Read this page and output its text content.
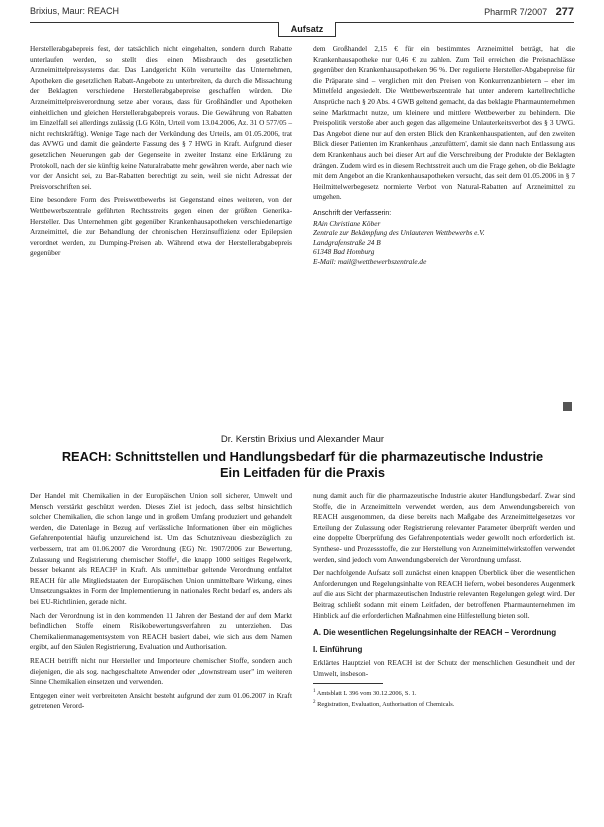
Brixius, Maur: REACH	PharmR 7/2007 277
Aufsatz

Herstellerabgabepreis fest, der tatsächlich nicht eingehalten, sondern durch Rabatte unterlaufen werden, so stellt dies einen Missbrauch des gesetzlichen Arzneimittelpreissystems dar. Das Landgericht Köln verurteilte das Unternehmen, Apotheken die gesetzlichen Rabatt-Angebote zu unterbreiten, da durch die Missachtung der Beklagten verschiedene Herstellerabgabepreise geschaffen würden. Die Arzneimittelpreisverordnung setze aber voraus, dass für Großhändler und Apotheken einheitlichen und gleichen Herstellerabgabepreis voraus. Die Gewährung von Rabatten im Einzelfall sei allerdings zulässig (LG Köln, Urteil vom 13.04.2006, Az. 31 O 577/05 – nicht rechtskräftig). Wenige Tage nach der Verkündung des Urteils, am 01.05.2006, trat das AVWG und damit die geänderte Fassung des § 7 HWG in Kraft. Aufgrund dieser gesetzlichen Neuerungen gab der Gegenseite in zweiter Instanz eine Erklärung zu Protokoll, nach der sie künftig keine Naturalrabatte mehr gewähren werde, aber nach wie vor der Ansicht sei, zu Bar-Rabatten berechtigt zu sein, weil sie nicht Adressat der Preisvorschriften sei.

Eine besondere Form des Preiswettbewerbs ist Gegenstand eines weiteren, von der Wettbewerbszentrale geführten Rechtsstreits gegen einen der größten Generika-Hersteller. Das Unternehmen gibt gegenüber Krankenhausapotheken verschiedenartige Arzneimittel, die zur Behandlung der chronischen Herzinsuffizienz oder Epilepsien verordnet werden, zu Dumping-Preisen ab. Während etwa der Herstellerabgabepreis gegenüber

dem Großhandel 2,15 € für ein bestimmtes Arzneimittel beträgt, hat die Krankenhausapotheke nur 0,46 € zu zahlen. Zum Teil erreichen die Preisnachlässe gegenüber den Krankenhausapotheken 96 %. Der regulierte Hersteller-Abgabepreise für die Präparate sind – verglichen mit den Preisen von Konkurrenzanbietern – eher im Mittelfeld angesiedelt. Die Wettbewerbszentrale hat unter anderem kartellrechtliche Ansprüche nach § 20 Abs. 4 GWB geltend gemacht, da das beklagte Pharmaunternehmen seine Marktmacht nutze, um kleinere und mittlere Wettbewerber zu behindern. Die Preispolitik verstoße aber auch gegen das allgemeine Unlauterkeitsverbot des § 3 UWG. Das Angebot diene nur auf den ersten Blick den Krankenhauspatienten, auf den zweiten Blick dieser Patienten im Krankenhaus ‚anzufüttern', damit sie dann nach Entlassung aus dem Krankenhaus auch bei dieser Art auf die Verschreibung der Produkte der Beklagten drängen. Zudem wird es in diesem Rechtsstreit auch um die Frage gehen, ob die Beklagte mit dem Angebot an die Krankenhausapotheken versucht, das seit dem 01.05.2006 in § 7 Heilmittelwerbegesetz normierte Verbot von Natural-Rabatten auf Arzneimittel zu umgehen.

Anschrift der Verfasserin:
RAin Christiane Köber
Zentrale zur Bekämpfung des Unlauteren Wettbewerbs e.V.
Landgrafenstraße 24 B
61348 Bad Homburg
E-Mail: mail@wettbewerbszentrale.de
Dr. Kerstin Brixius und Alexander Maur
REACH: Schnittstellen und Handlungsbedarf für die pharmazeutische Industrie
Ein Leitfaden für die Praxis

Der Handel mit Chemikalien in der Europäischen Union soll sicherer, Umwelt und Mensch verstärkt geschützt werden. Dieses Ziel ist jedoch, dass selbst hinsichtlich solcher Chemikalien, die schon lange und in großem Umfang produziert und gehandelt werden, die Datenlage in Bezug auf verlässliche Informationen über ein mögliches Gefahrenpotential häufig unzureichend ist. Um das Schutzniveau diesbezüglich zu verbessern, trat am 01.06.2007 die Verordnung (EG) Nr. 1907/2006 zur Bewertung, Zulassung und Registrierung chemischer Stoffe¹, die knapp 1000 seitiges Regelwerk, besser bekannt als REACH² in Kraft. Als unmittelbar geltende Verordnung entfaltet REACH für alle Mitgliedstaaten der Europäischen Union unmittelbare Wirkung, eines Umsetzungsaktes in Form der Implementierung in nationales Recht bedarf es, anders als bei EU-Richtlinien, gerade nicht.

Nach der Verordnung ist in den kommenden 11 Jahren der Bestand der auf dem Markt befindlichen Stoffe einem Risikobewertungsverfahren zu unterziehen. Das Chemikalienmanagementsystem von REACH basiert dabei, wie sich aus dem Namen ergibt, auf den Säulen Registrierung, Evaluation und Authorisation.

REACH betrifft nicht nur Hersteller und Importeure chemischer Stoffe, sondern auch diejenigen, die als sog. nachgeschaltete Anwender oder „downstream user" im weiteren Sinne Chemikalien einsetzen und verwenden.

Entgegen einer weit verbreiteten Ansicht besteht aufgrund der zum 01.06.2007 in Kraft getretenen Verord-

nung damit auch für die pharmazeutische Industrie akuter Handlungsbedarf. Zwar sind Stoffe, die in Arzneimitteln verwendet werden, aus dem Anwendungsbereich von REACH ausgenommen, da diese bereits nach Maßgabe des Arzneimittelgesetzes vor Erteilung der Zulassung oder Registrierung relevanter Parameter überprüft werden und eine doppelte Überprüfung des Gefahrenpotentials weder gewollt noch erforderlich ist. Synthese- und Prozessstoffe, die zur Herstellung von Arzneimittelwirkstoffen verwendet werden, sind jedoch vom Anwendungsbereich der Verordnung umfasst.

Der nachfolgende Aufsatz soll zunächst einen knappen Überblick über die wesentlichen Anforderungen und Regelungsinhalte von REACH liefern, wobei besonderes Augenmerk auf die aus Sicht der pharmazeutischen Industrie relevanten Regelungen gelegt wird. Der Beitrag schließt sodann mit einem Leitfaden, der betroffenen Pharmaunternehmen im Hinblick auf die erforderlichen Maßnahmen eine Hilfestellung bieten soll.

A. Die wesentlichen Regelungsinhalte der REACH – Verordnung
I. Einführung

Erklärtes Hauptziel von REACH ist der Schutz der menschlichen Gesundheit und der Umwelt, insbeson-

$^1$ Amtsblatt L 396 vom 30.12.2006, S. 1.
$^2$ Registration, Evaluation, Authorisation of Chemicals.
